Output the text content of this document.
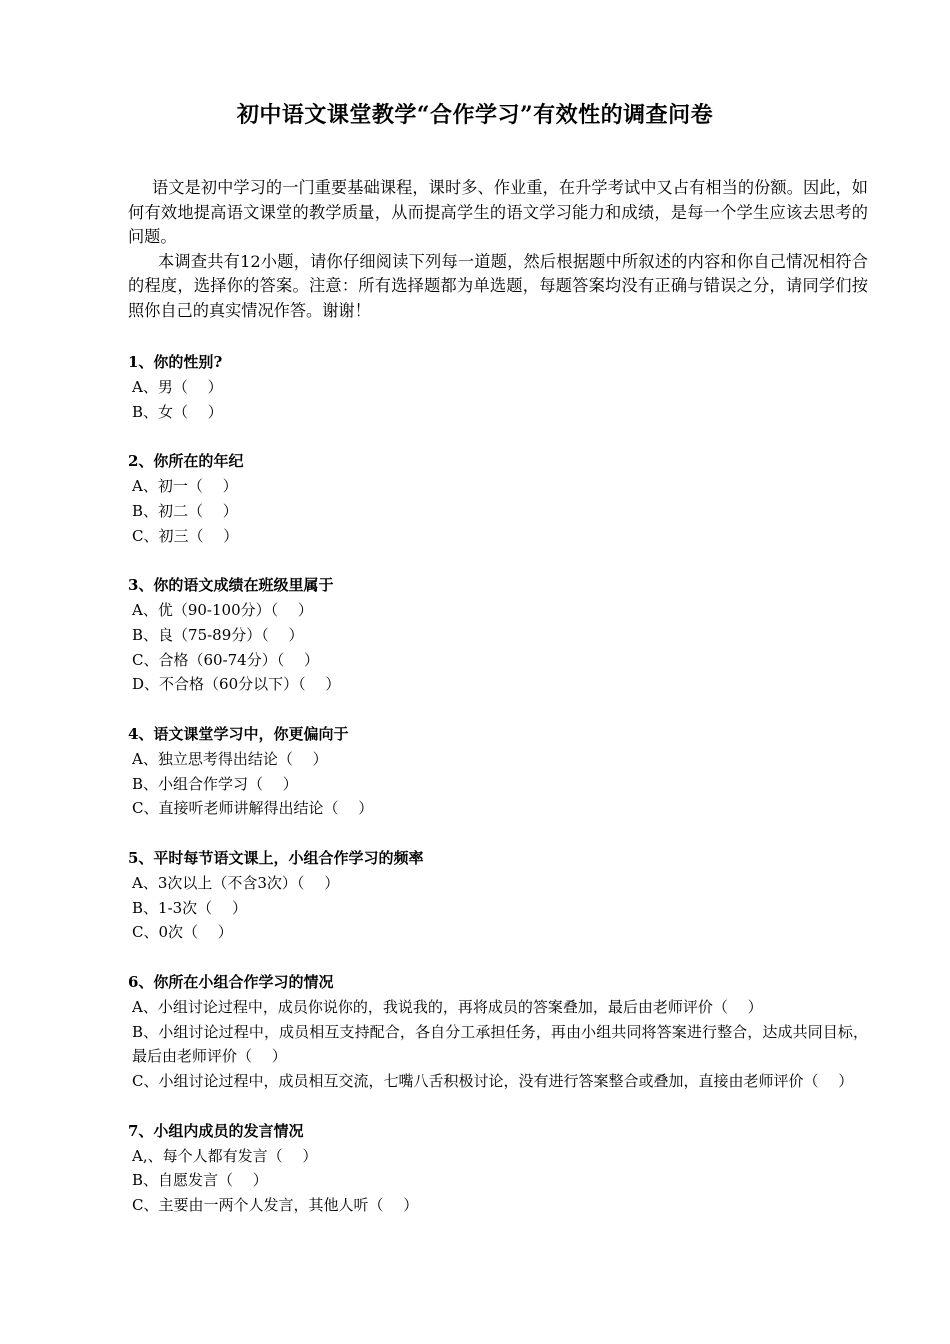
初中语文课堂教学“合作学习”有效性的调查问卷

语文是初中学习的一门重要基础课程，课时多、作业重，在升学考试中又占有相当的份额。因此，如何有效地提高语文课堂的教学质量，从而提高学生的语文学习能力和成绩，是每一个学生应该去思考的问题。

本调查共有12小题，请你仔细阅读下列每一道题，然后根据题中所叙述的内容和你自己情况相符合的程度，选择你的答案。注意：所有选择题都为单选题，每题答案均没有正确与错误之分，请同学们按照你自己的真实情况作答。谢谢！

1、你的性别?
A、男（　 ）
B、女（　 ）
2、你所在的年纪
A、初一（　 ）
B、初二（　 ）
C、初三（　 ）
3、你的语文成绩在班级里属于
A、优（90-100分）（　 ）
B、良（75-89分）（　 ）
C、合格（60-74分）（　 ）
D、不合格（60分以下）（　 ）
4、语文课堂学习中，你更偏向于
A、独立思考得出结论（　 ）
B、小组合作学习（　 ）
C、直接听老师讲解得出结论（　 ）
5、平时每节语文课上，小组合作学习的频率
A、3次以上（不含3次）（　 ）
B、1-3次（　 ）
C、0次（　 ）
6、你所在小组合作学习的情况
A、小组讨论过程中，成员你说你的，我说我的，再将成员的答案叠加，最后由老师评价（　 ）
B、小组讨论过程中，成员相互支持配合，各自分工承担任务，再由小组共同将答案进行整合，达成共同目标，最后由老师评价（　 ）
C、小组讨论过程中，成员相互交流，七嘴八舌积极讨论，没有进行答案整合或叠加，直接由老师评价（　 ）
7、小组内成员的发言情况
A,、每个人都有发言（　 ）
B、自愿发言（　 ）
C、主要由一两个人发言，其他人听（　 ）
